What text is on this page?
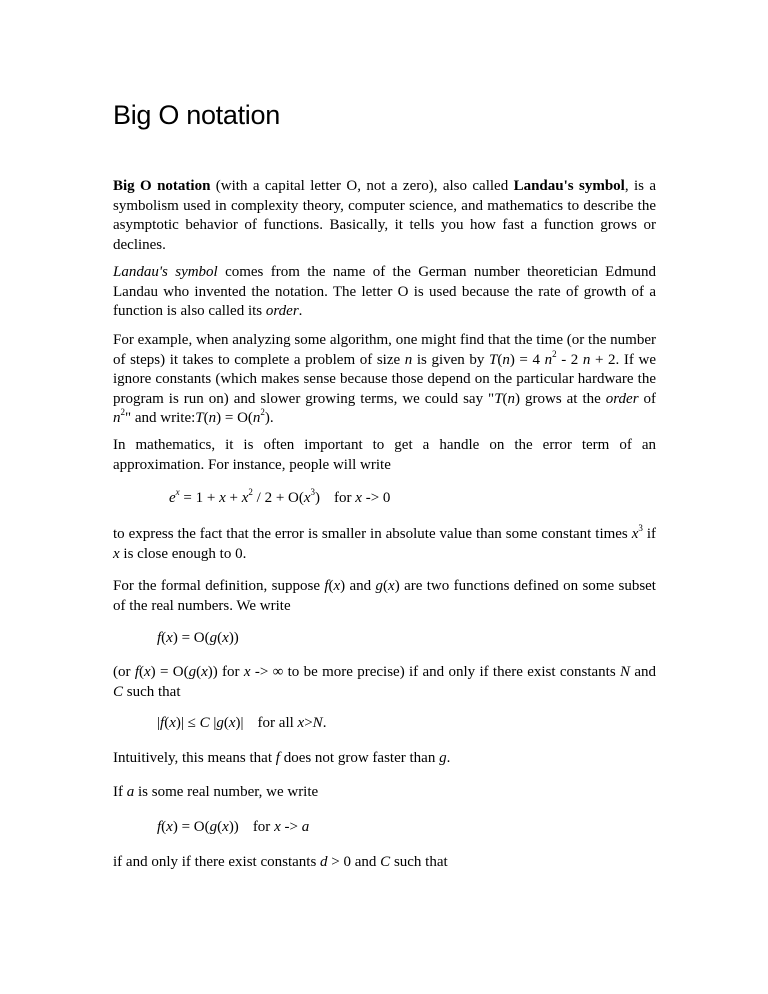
Big O notation

Big O notation (with a capital letter O, not a zero), also called Landau's symbol, is a symbolism used in complexity theory, computer science, and mathematics to describe the asymptotic behavior of functions. Basically, it tells you how fast a function grows or declines.

Landau's symbol comes from the name of the German number theoretician Edmund Landau who invented the notation. The letter O is used because the rate of growth of a function is also called its order.

For example, when analyzing some algorithm, one might find that the time (or the number of steps) it takes to complete a problem of size n is given by T(n) = 4 $n^2 - 2$ n + 2. If we ignore constants (which makes sense because those depend on the particular hardware the program is run on) and slower growing terms, we could say "T(n) grows at the order of $n^2$" and write:T(n) = $O(n^2)$.

In mathematics, it is often important to get a handle on the error term of an approximation. For instance, people will write

$e^x = 1 + x + x^2 / 2 + O(x^3)$ for x -> 0

to express the fact that the error is smaller in absolute value than some constant times $x^3$ if x is close enough to 0.

For the formal definition, suppose f(x) and g(x) are two functions defined on some subset of the real numbers. We write

f(x) = O(g(x))

(or f(x) = O(g(x)) for x -> ∞ to be more precise) if and only if there exist constants N and C such that

|f(x)| ≤ C |g(x)| for all x>N.

Intuitively, this means that f does not grow faster than g.

If a is some real number, we write

f(x) = O(g(x)) for x -> a

if and only if there exist constants d > 0 and C such that
